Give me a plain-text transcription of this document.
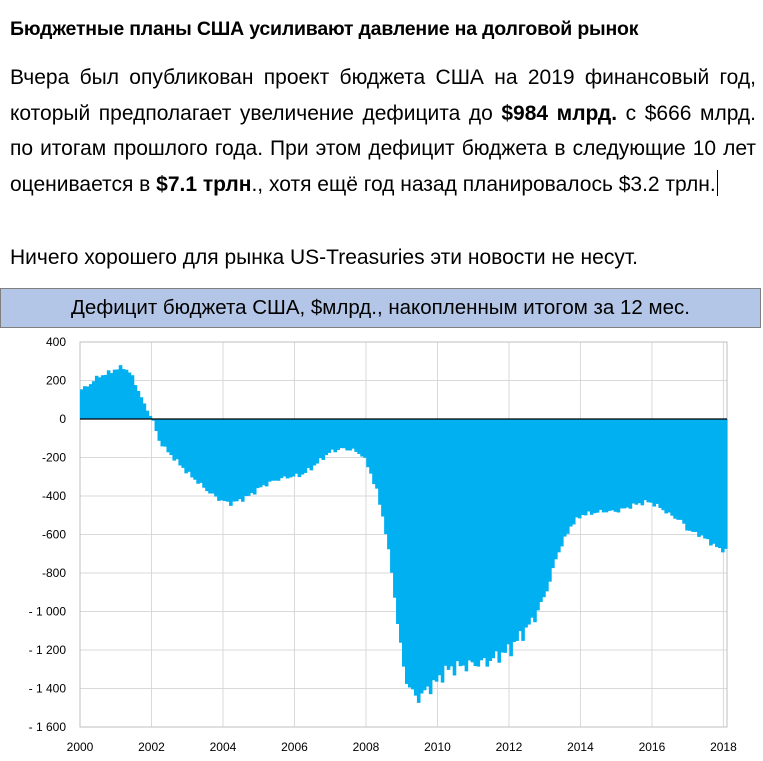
Бюджетные планы США усиливают давление на долговой рынок
Вчера был опубликован проект бюджета США на 2019 финансовый год, который предполагает увеличение дефицита до $984 млрд. с $666 млрд. по итогам прошлого года. При этом дефицит бюджета в следующие 10 лет оценивается в $7.1 трлн., хотя ещё год назад планировалось $3.2 трлн.
Ничего хорошего для рынка US-Treasuries эти новости не несут.
Дефицит бюджета США, $млрд., накопленным итогом за 12 мес.
400
200
0
-200
-400
-600
-800
- 1 000
- 1 200
- 1 400
- 1 600
2000	2002	2004	2006	2008	2010	2012	2014	2016	2018
